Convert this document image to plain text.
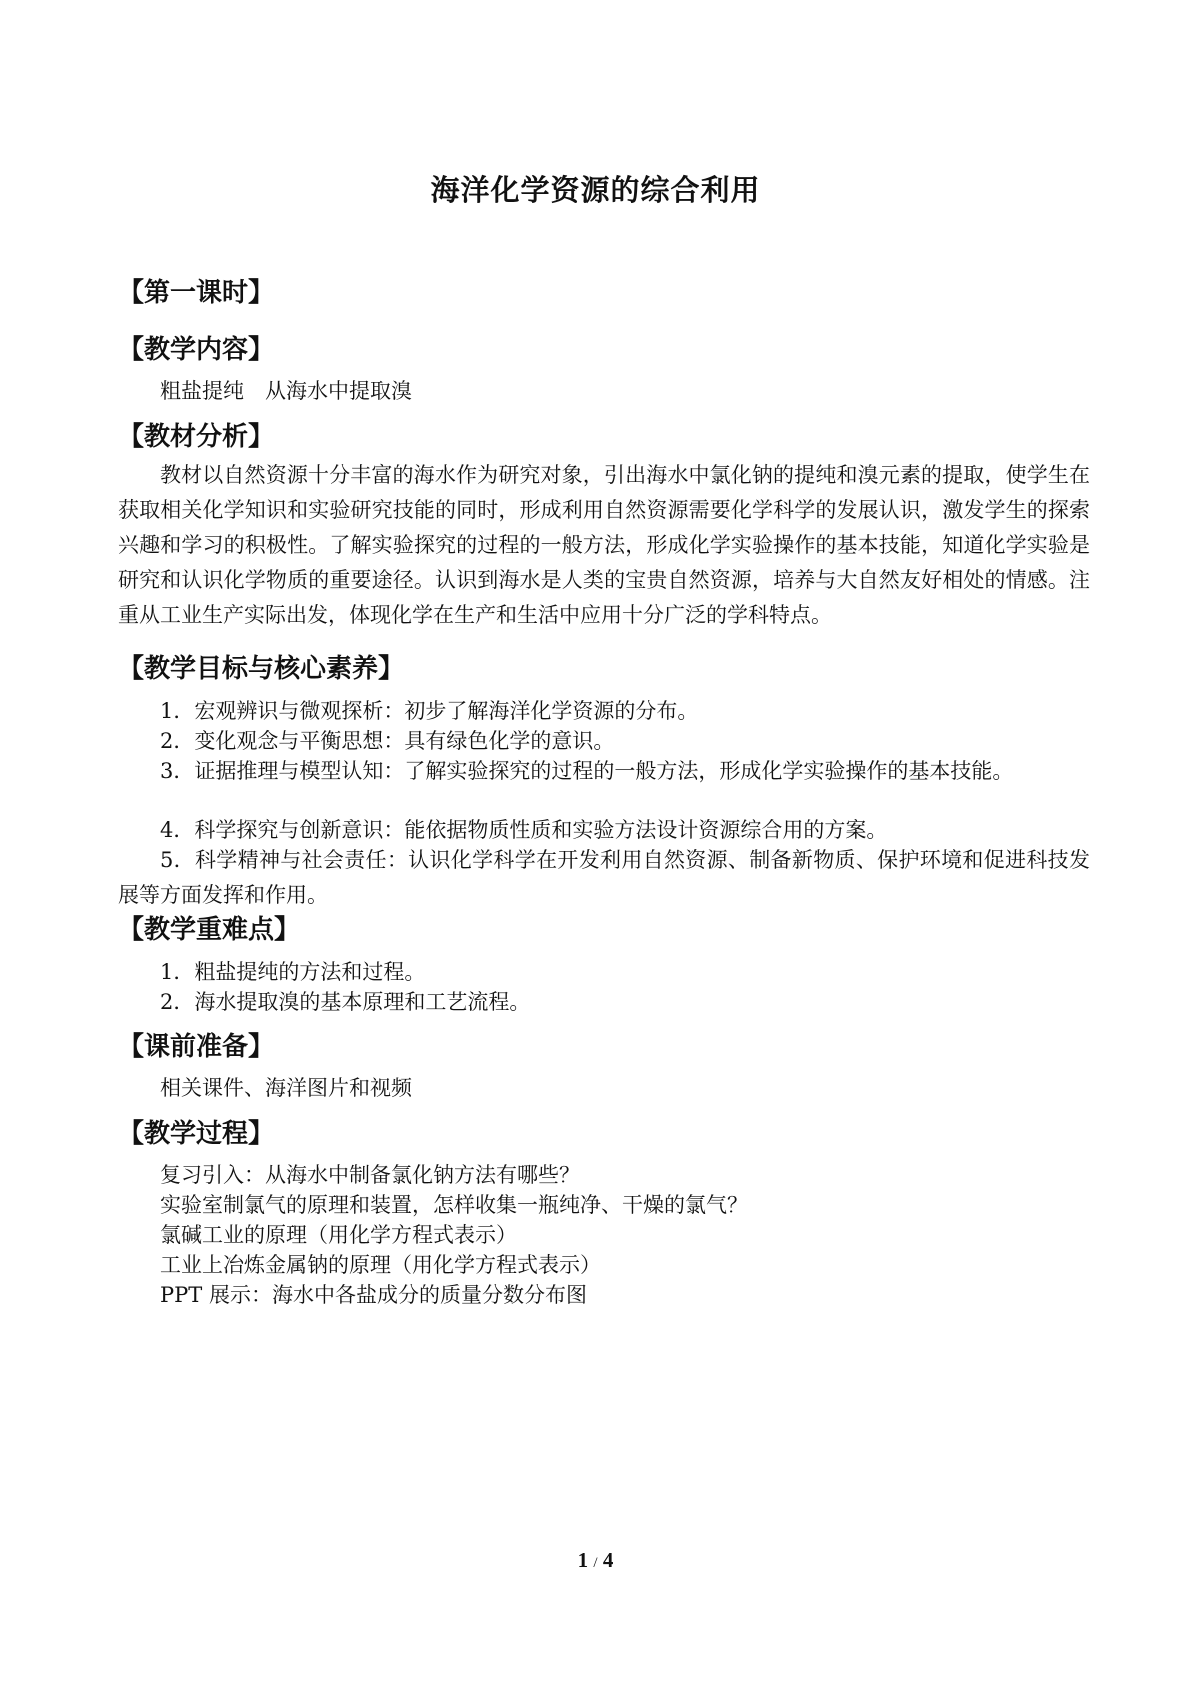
海洋化学资源的综合利用
【第一课时】
【教学内容】
粗盐提纯　从海水中提取溴
【教材分析】
教材以自然资源十分丰富的海水作为研究对象，引出海水中氯化钠的提纯和溴元素的提取，使学生在获取相关化学知识和实验研究技能的同时，形成利用自然资源需要化学科学的发展认识，激发学生的探索兴趣和学习的积极性。了解实验探究的过程的一般方法，形成化学实验操作的基本技能，知道化学实验是研究和认识化学物质的重要途径。认识到海水是人类的宝贵自然资源，培养与大自然友好相处的情感。注重从工业生产实际出发，体现化学在生产和生活中应用十分广泛的学科特点。
【教学目标与核心素养】
1．宏观辨识与微观探析：初步了解海洋化学资源的分布。
2．变化观念与平衡思想：具有绿色化学的意识。
3．证据推理与模型认知：了解实验探究的过程的一般方法，形成化学实验操作的基本技能。
4．科学探究与创新意识：能依据物质性质和实验方法设计资源综合用的方案。
5．科学精神与社会责任：认识化学科学在开发利用自然资源、制备新物质、保护环境和促进科技发展等方面发挥和作用。
【教学重难点】
1．粗盐提纯的方法和过程。
2．海水提取溴的基本原理和工艺流程。
【课前准备】
相关课件、海洋图片和视频
【教学过程】
复习引入：从海水中制备氯化钠方法有哪些？
实验室制氯气的原理和装置，怎样收集一瓶纯净、干燥的氯气？
氯碱工业的原理（用化学方程式表示）
工业上冶炼金属钠的原理（用化学方程式表示）
PPT 展示：海水中各盐成分的质量分数分布图
1 / 4
